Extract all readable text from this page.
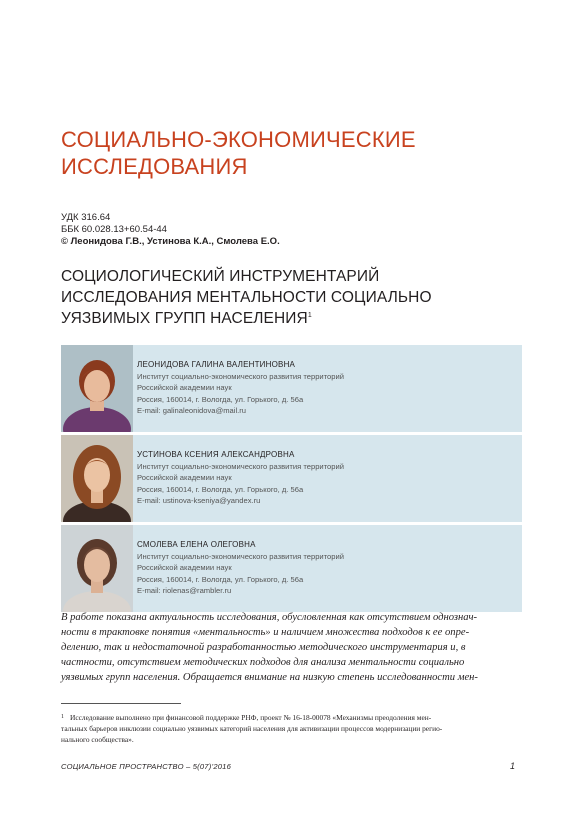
СОЦИАЛЬНО-ЭКОНОМИЧЕСКИЕ
ИССЛЕДОВАНИЯ
УДК 316.64
ББК 60.028.13+60.54-44
© Леонидова Г.В., Устинова К.А., Смолева Е.О.
СОЦИОЛОГИЧЕСКИЙ ИНСТРУМЕНТАРИЙ
ИССЛЕДОВАНИЯ МЕНТАЛЬНОСТИ СОЦИАЛЬНО
УЯЗВИМЫХ ГРУПП НАСЕЛЕНИЯ$^1$
ЛЕОНИДОВА ГАЛИНА ВАЛЕНТИНОВНА
Институт социально-экономического развития территорий
Российской академии наук
Россия, 160014, г. Вологда, ул. Горького, д. 56а
E-mail: galinaleonidova@mail.ru
УСТИНОВА КСЕНИЯ АЛЕКСАНДРОВНА
Институт социально-экономического развития территорий
Российской академии наук
Россия, 160014, г. Вологда, ул. Горького, д. 56а
E-mail: ustinova-kseniya@yandex.ru
СМОЛЕВА ЕЛЕНА ОЛЕГОВНА
Институт социально-экономического развития территорий
Российской академии наук
Россия, 160014, г. Вологда, ул. Горького, д. 56а
E-mail: riolenas@rambler.ru
В работе показана актуальность исследования, обусловленная как отсутствием однознач-
ности в трактовке понятия «ментальность» и наличием множества подходов к ее опре-
делению, так и недостаточной разработанностью методического инструментария и, в
частности, отсутствием методических подходов для анализа ментальности социально
уязвимых групп населения. Обращается внимание на низкую степень исследованности мен-
$^1$ Исследование выполнено при финансовой поддержке РНФ, проект № 16-18-00078 «Механизмы преодоления мен-
тальных барьеров инклюзии социально уязвимых категорий населения для активизации процессов модернизации регио-
нального сообщества».
СОЦИАЛЬНОЕ ПРОСТРАНСТВО – 5(07)’2016	1
